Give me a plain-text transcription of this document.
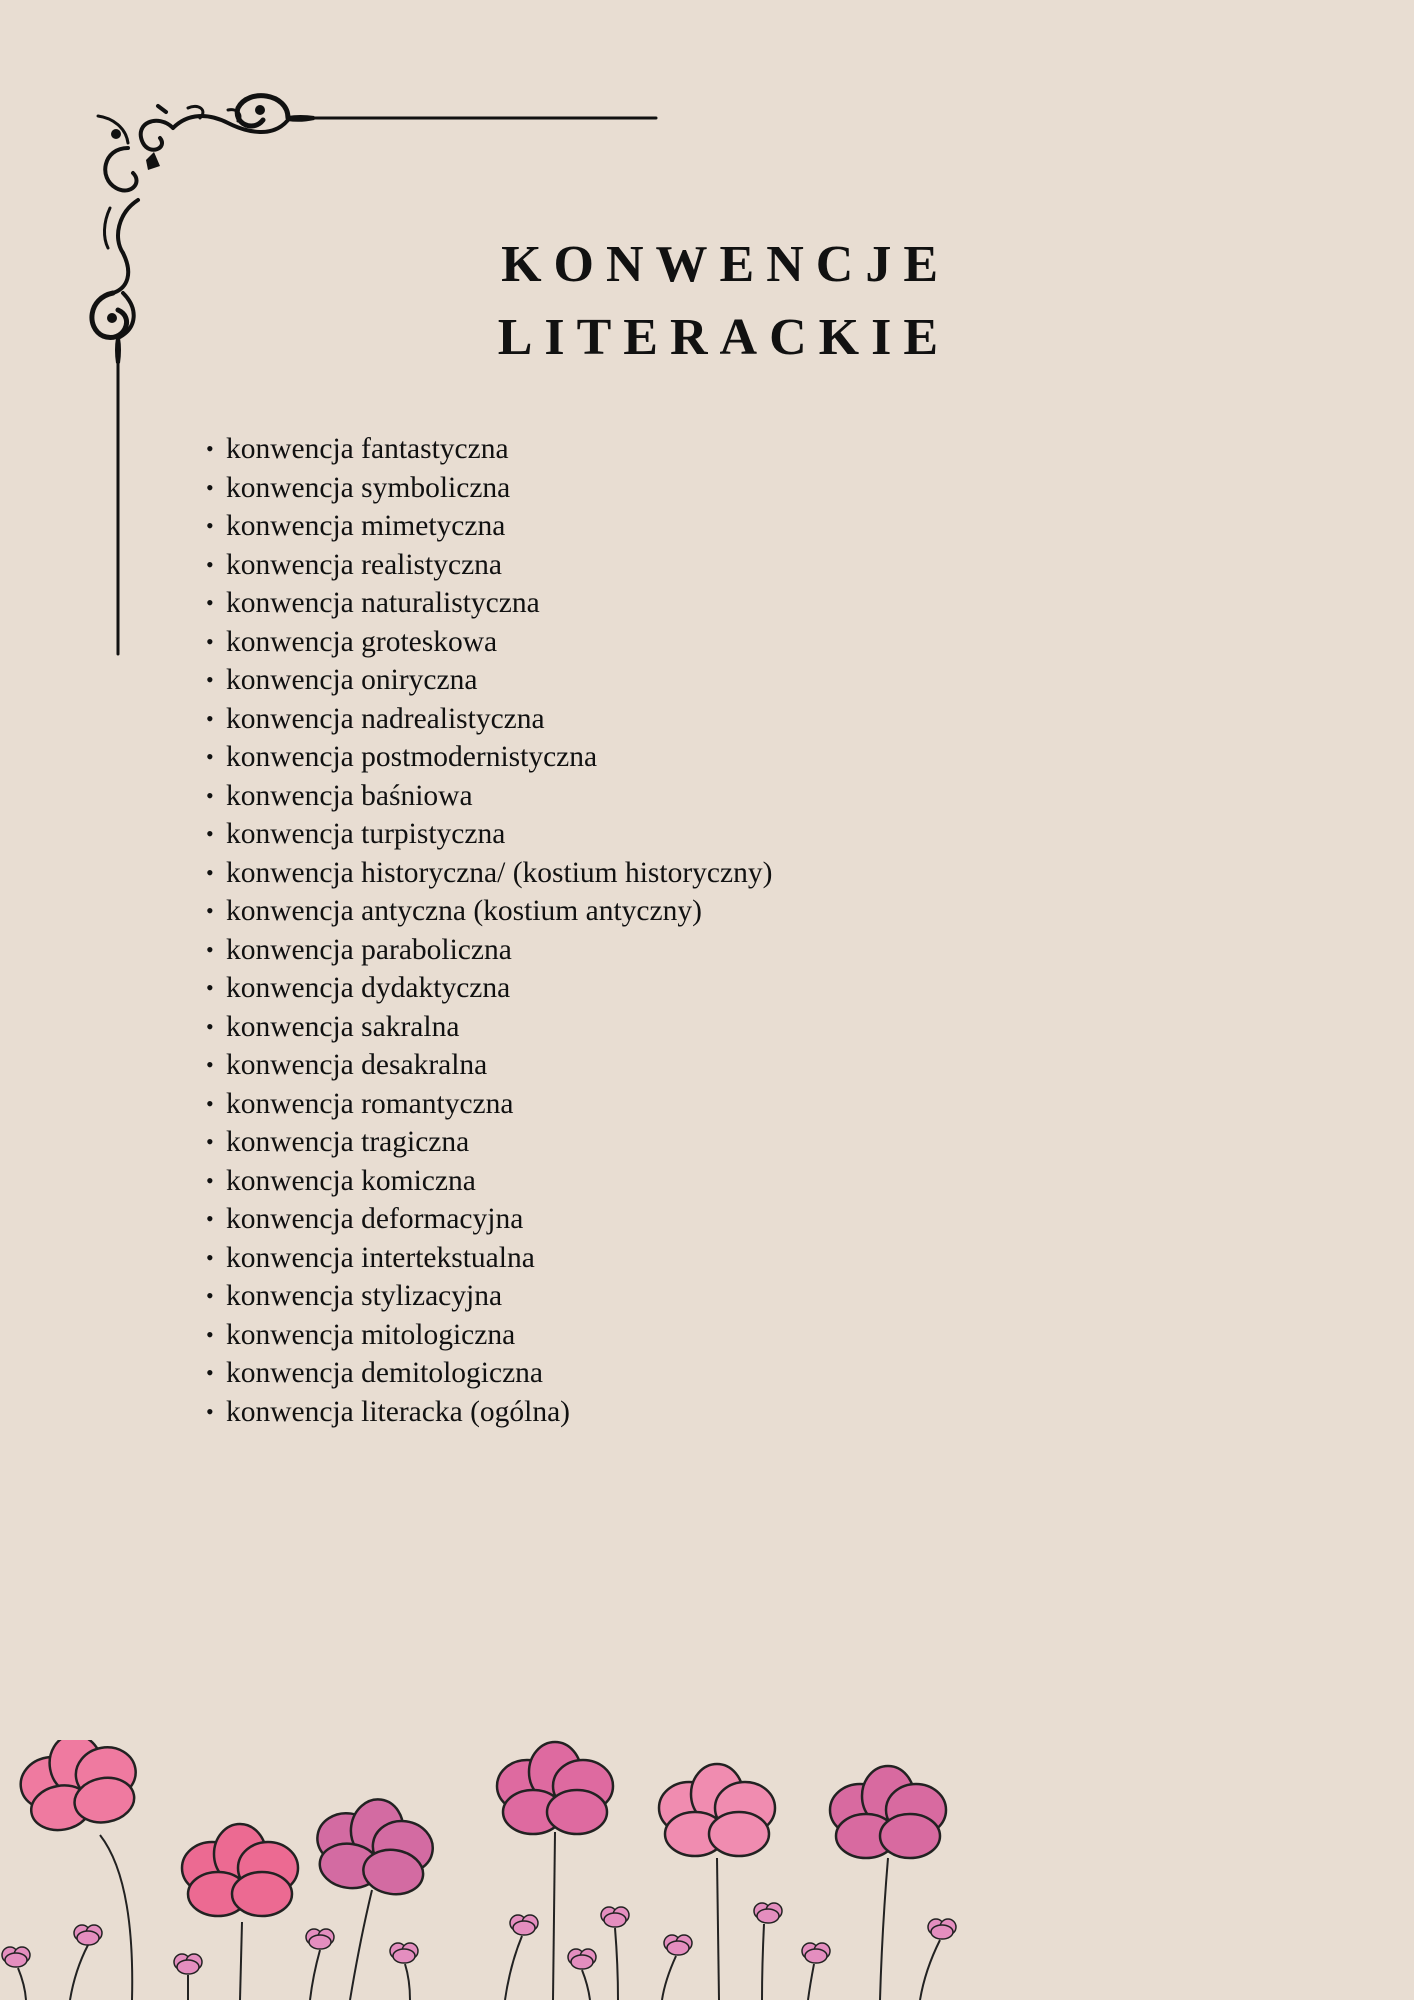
KONWENCJE
LITERACKIE
• konwencja fantastyczna
• konwencja symboliczna
• konwencja mimetyczna
• konwencja realistyczna
• konwencja naturalistyczna
• konwencja groteskowa
• konwencja oniryczna
• konwencja nadrealistyczna
• konwencja postmodernistyczna
• konwencja baśniowa
• konwencja turpistyczna
• konwencja historyczna/ (kostium historyczny)
• konwencja antyczna (kostium antyczny)
• konwencja paraboliczna
• konwencja dydaktyczna
• konwencja sakralna
• konwencja desakralna
• konwencja romantyczna
• konwencja tragiczna
• konwencja komiczna
• konwencja deformacyjna
• konwencja intertekstualna
• konwencja stylizacyjna
• konwencja mitologiczna
• konwencja demitologiczna
• konwencja literacka (ogólna)
